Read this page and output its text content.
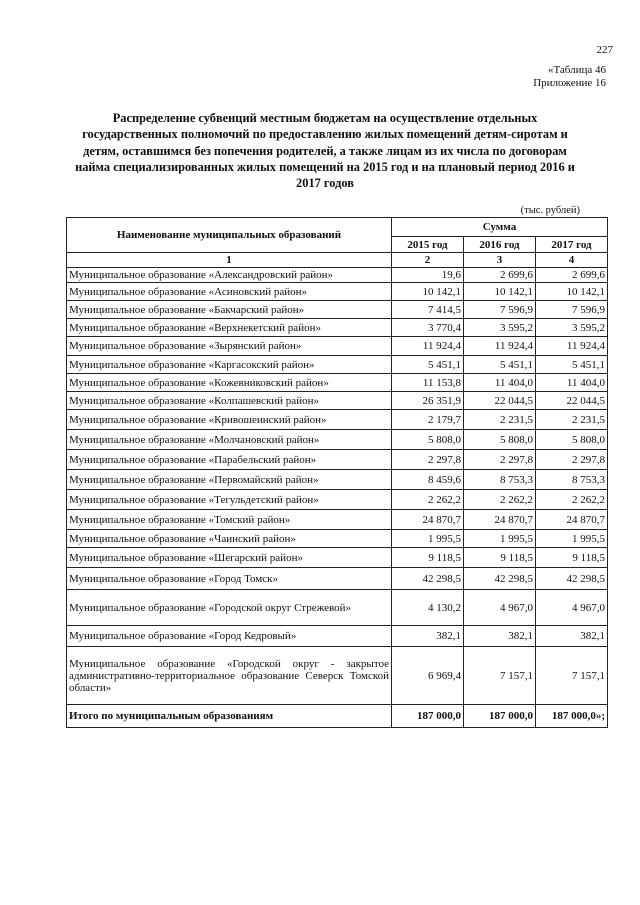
227
«Таблица 46
Приложение 16
Распределение субвенций местным бюджетам на осуществление отдельных государственных полномочий по предоставлению жилых помещений детям-сиротам и детям, оставшимся без попечения родителей, а также лицам из их числа по договорам найма специализированных жилых помещений на 2015 год и на плановый период 2016 и 2017 годов
(тыс. рублей)
Наименование муниципальных образований	Сумма		
	2015 год	2016 год	2017 год
1	2	3	4
Муниципальное образование «Александровский район»	19,6	2 699,6	2 699,6
Муниципальное образование «Асиновский район»	10 142,1	10 142,1	10 142,1
Муниципальное образование «Бакчарский район»	7 414,5	7 596,9	7 596,9
Муниципальное образование «Верхнекетский район»	3 770,4	3 595,2	3 595,2
Муниципальное образование «Зырянский район»	11 924,4	11 924,4	11 924,4
Муниципальное образование «Каргасокский район»	5 451,1	5 451,1	5 451,1
Муниципальное образование «Кожевниковский район»	11 153,8	11 404,0	11 404,0
Муниципальное образование «Колпашевский район»	26 351,9	22 044,5	22 044,5
Муниципальное образование «Кривошеинский район»	2 179,7	2 231,5	2 231,5
Муниципальное образование «Молчановский район»	5 808,0	5 808,0	5 808,0
Муниципальное образование «Парабельский район»	2 297,8	2 297,8	2 297,8
Муниципальное образование «Первомайский район»	8 459,6	8 753,3	8 753,3
Муниципальное образование «Тегульдетский район»	2 262,2	2 262,2	2 262,2
Муниципальное образование «Томский район»	24 870,7	24 870,7	24 870,7
Муниципальное образование «Чаинский район»	1 995,5	1 995,5	1 995,5
Муниципальное образование «Шегарский район»	9 118,5	9 118,5	9 118,5
Муниципальное образование «Город Томск»	42 298,5	42 298,5	42 298,5
Муниципальное образование «Городской округ Стрежевой»	4 130,2	4 967,0	4 967,0
Муниципальное образование «Город Кедровый»	382,1	382,1	382,1
Муниципальное образование «Городской округ - закрытое административно-территориальное образование Северск Томской области»	6 969,4	7 157,1	7 157,1
Итого по муниципальным образованиям	187 000,0	187 000,0	187 000,0»;
